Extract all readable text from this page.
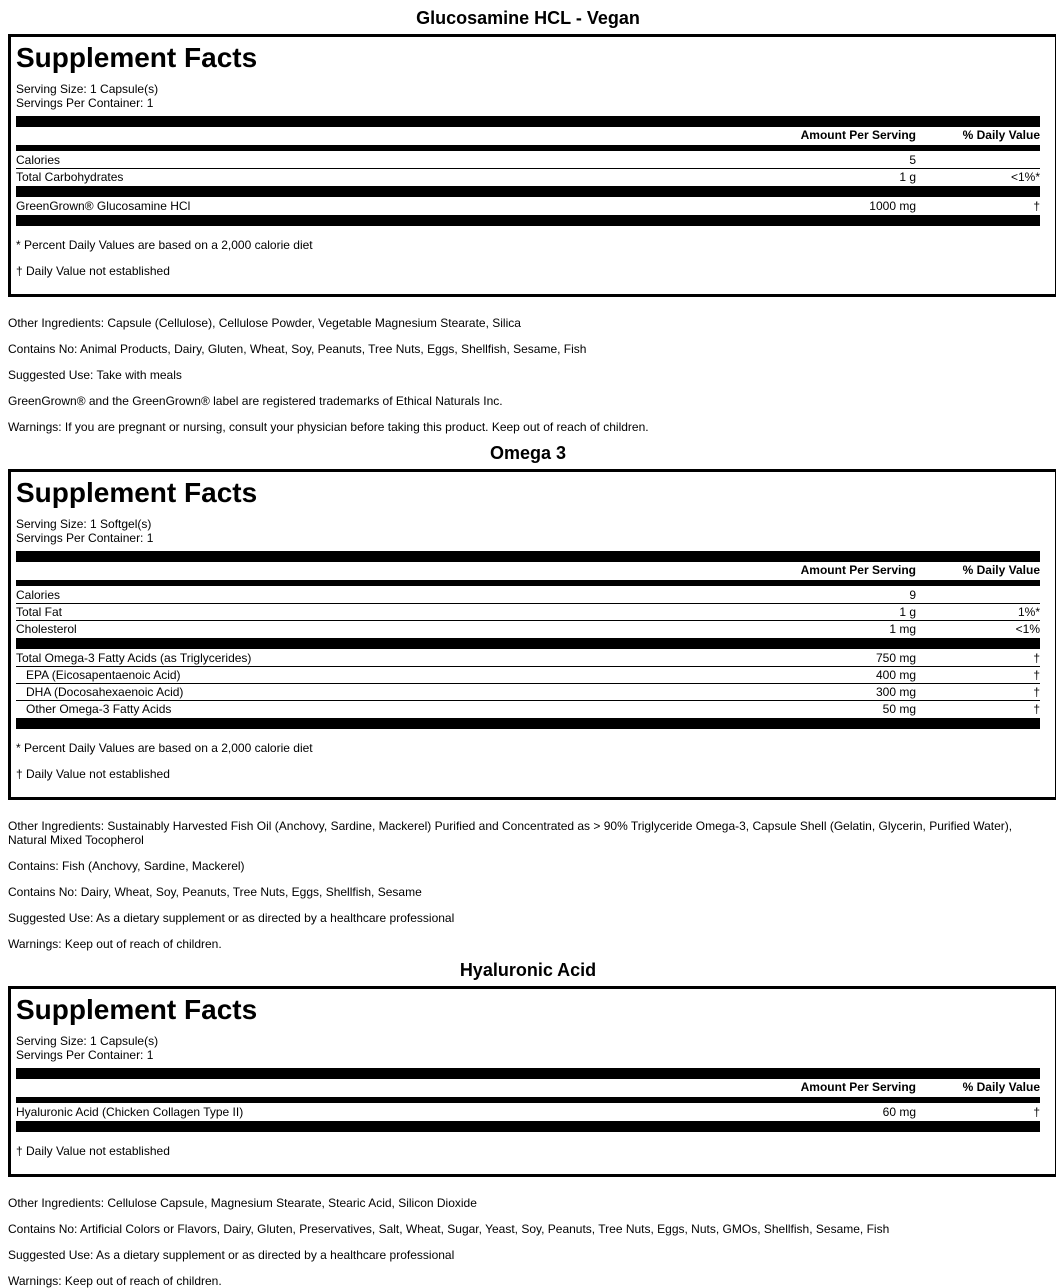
Glucosamine HCL - Vegan
Supplement Facts
Serving Size: 1 Capsule(s)
Servings Per Container: 1
Amount Per Serving	% Daily Value
Calories	5
Total Carbohydrates	1 g	<1%*
GreenGrown® Glucosamine HCl	1000 mg	†
* Percent Daily Values are based on a 2,000 calorie diet
† Daily Value not established
Other Ingredients: Capsule (Cellulose), Cellulose Powder, Vegetable Magnesium Stearate, Silica
Contains No: Animal Products, Dairy, Gluten, Wheat, Soy, Peanuts, Tree Nuts, Eggs, Shellfish, Sesame, Fish
Suggested Use: Take with meals
GreenGrown® and the GreenGrown® label are registered trademarks of Ethical Naturals Inc.
Warnings: If you are pregnant or nursing, consult your physician before taking this product. Keep out of reach of children.
Omega 3
Supplement Facts
Serving Size: 1 Softgel(s)
Servings Per Container: 1
Amount Per Serving	% Daily Value
Calories	9
Total Fat	1 g	1%*
Cholesterol	1 mg	<1%
Total Omega-3 Fatty Acids (as Triglycerides)	750 mg	†
EPA (Eicosapentaenoic Acid)	400 mg	†
DHA (Docosahexaenoic Acid)	300 mg	†
Other Omega-3 Fatty Acids	50 mg	†
* Percent Daily Values are based on a 2,000 calorie diet
† Daily Value not established
Other Ingredients: Sustainably Harvested Fish Oil (Anchovy, Sardine, Mackerel) Purified and Concentrated as > 90% Triglyceride Omega-3, Capsule Shell (Gelatin, Glycerin, Purified Water), Natural Mixed Tocopherol
Contains: Fish (Anchovy, Sardine, Mackerel)
Contains No: Dairy, Wheat, Soy, Peanuts, Tree Nuts, Eggs, Shellfish, Sesame
Suggested Use: As a dietary supplement or as directed by a healthcare professional
Warnings: Keep out of reach of children.
Hyaluronic Acid
Supplement Facts
Serving Size: 1 Capsule(s)
Servings Per Container: 1
Amount Per Serving	% Daily Value
Hyaluronic Acid (Chicken Collagen Type II)	60 mg	†
† Daily Value not established
Other Ingredients: Cellulose Capsule, Magnesium Stearate, Stearic Acid, Silicon Dioxide
Contains No: Artificial Colors or Flavors, Dairy, Gluten, Preservatives, Salt, Wheat, Sugar, Yeast, Soy, Peanuts, Tree Nuts, Eggs, Nuts, GMOs, Shellfish, Sesame, Fish
Suggested Use: As a dietary supplement or as directed by a healthcare professional
Warnings: Keep out of reach of children.
